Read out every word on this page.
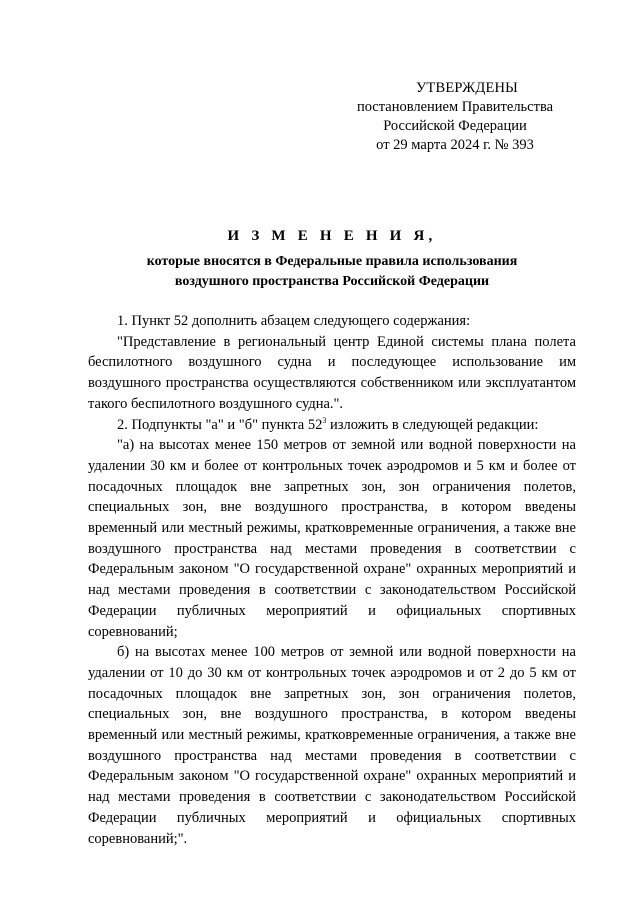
УТВЕРЖДЕНЫ
постановлением Правительства
Российской Федерации
от 29 марта 2024 г. № 393
И З М Е Н Е Н И Я,
которые вносятся в Федеральные правила использования
воздушного пространства Российской Федерации

1. Пункт 52 дополнить абзацем следующего содержания:

"Представление в региональный центр Единой системы плана полета беспилотного воздушного судна и последующее использование им воздушного пространства осуществляются собственником или эксплуатантом такого беспилотного воздушного судна.".

2. Подпункты "а" и "б" пункта $52^3$ изложить в следующей редакции:

"а) на высотах менее 150 метров от земной или водной поверхности на удалении 30 км и более от контрольных точек аэродромов и 5 км и более от посадочных площадок вне запретных зон, зон ограничения полетов, специальных зон, вне воздушного пространства, в котором введены временный или местный режимы, кратковременные ограничения, а также вне воздушного пространства над местами проведения в соответствии с Федеральным законом "О государственной охране" охранных мероприятий и над местами проведения в соответствии с законодательством Российской Федерации публичных мероприятий и официальных спортивных соревнований;

б) на высотах менее 100 метров от земной или водной поверхности на удалении от 10 до 30 км от контрольных точек аэродромов и от 2 до 5 км от посадочных площадок вне запретных зон, зон ограничения полетов, специальных зон, вне воздушного пространства, в котором введены временный или местный режимы, кратковременные ограничения, а также вне воздушного пространства над местами проведения в соответствии с Федеральным законом "О государственной охране" охранных мероприятий и над местами проведения в соответствии с законодательством Российской Федерации публичных мероприятий и официальных спортивных соревнований;".
